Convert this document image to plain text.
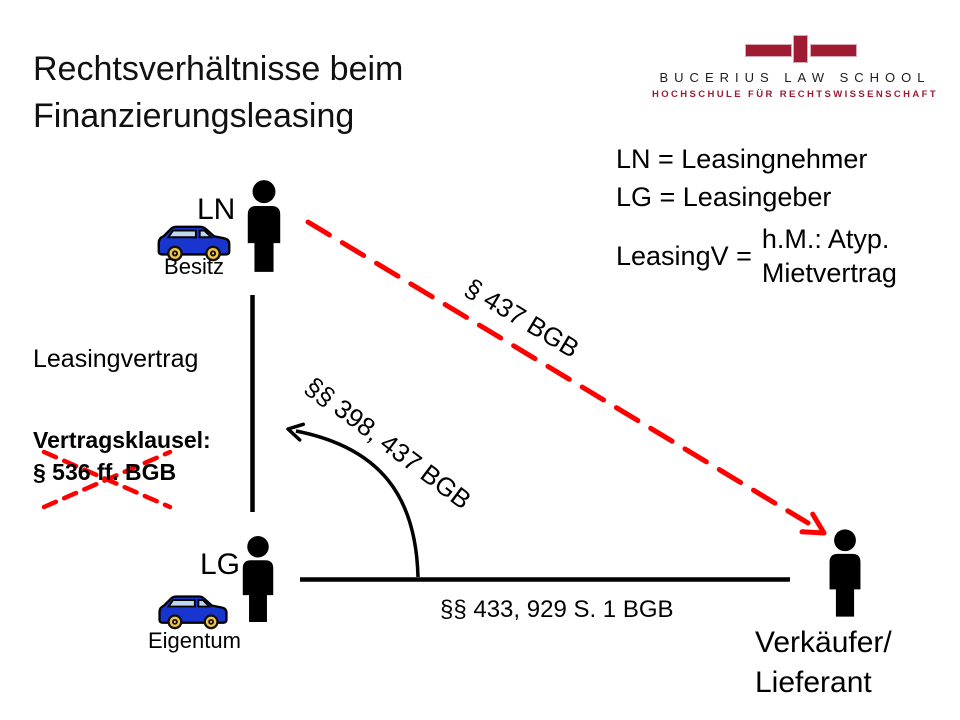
Rechtsverhältnisse beim
Finanzierungsleasing
BUCERIUS LAW SCHOOL
HOCHSCHULE FÜR RECHTSWISSENSCHAFT
LN = Leasingnehmer
LG = Leasingeber
LeasingV =
h.M.: Atyp.
Mietvertrag
LN
Besitz
LG
Eigentum	Verkäufer/
Lieferant
Leasingvertrag
Vertragsklausel:
§ 536 ff. BGB
§ 437 BGB
§§ 398, 437 BGB
§§ 433, 929 S. 1 BGB
